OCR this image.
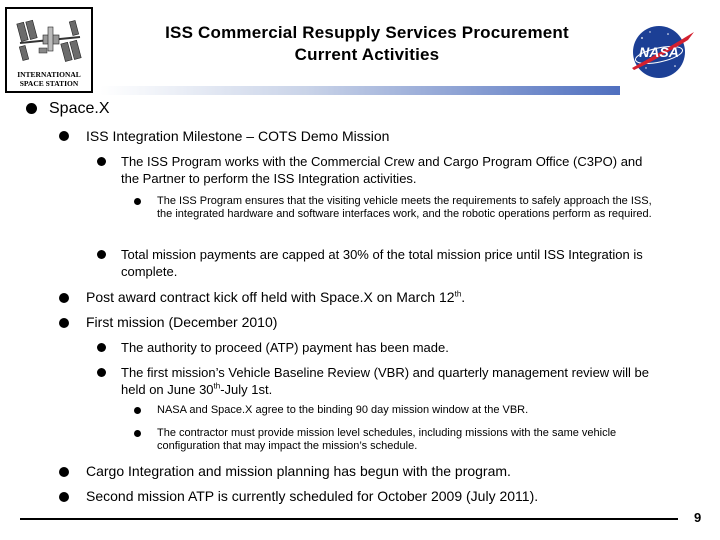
INTERNATIONAL
SPACE STATION
ISS Commercial Resupply Services Procurement
Current Activities	NASA
Space.X
ISS Integration Milestone – COTS Demo Mission
The ISS Program works with the Commercial Crew and Cargo Program Office (C3PO) and the Partner to perform the ISS Integration activities.
The ISS Program ensures that the visiting vehicle meets the requirements to safely approach the ISS, the integrated hardware and software interfaces work, and the robotic operations perform as required.
Total mission payments are capped at 30% of the total mission price until ISS Integration is complete.
Post award contract kick off held with Space.X on March 12th.
First mission (December 2010)
The authority to proceed (ATP) payment has been made.
The first mission’s Vehicle Baseline Review (VBR) and quarterly management review will be held on June 30th-July 1st.
NASA and Space.X agree to the binding 90 day mission window at the VBR.
The contractor must provide mission level schedules, including missions with the same vehicle configuration that may impact the mission’s schedule.
Cargo Integration and mission planning has begun with the program.
Second mission ATP is currently scheduled for October 2009 (July 2011).
9
